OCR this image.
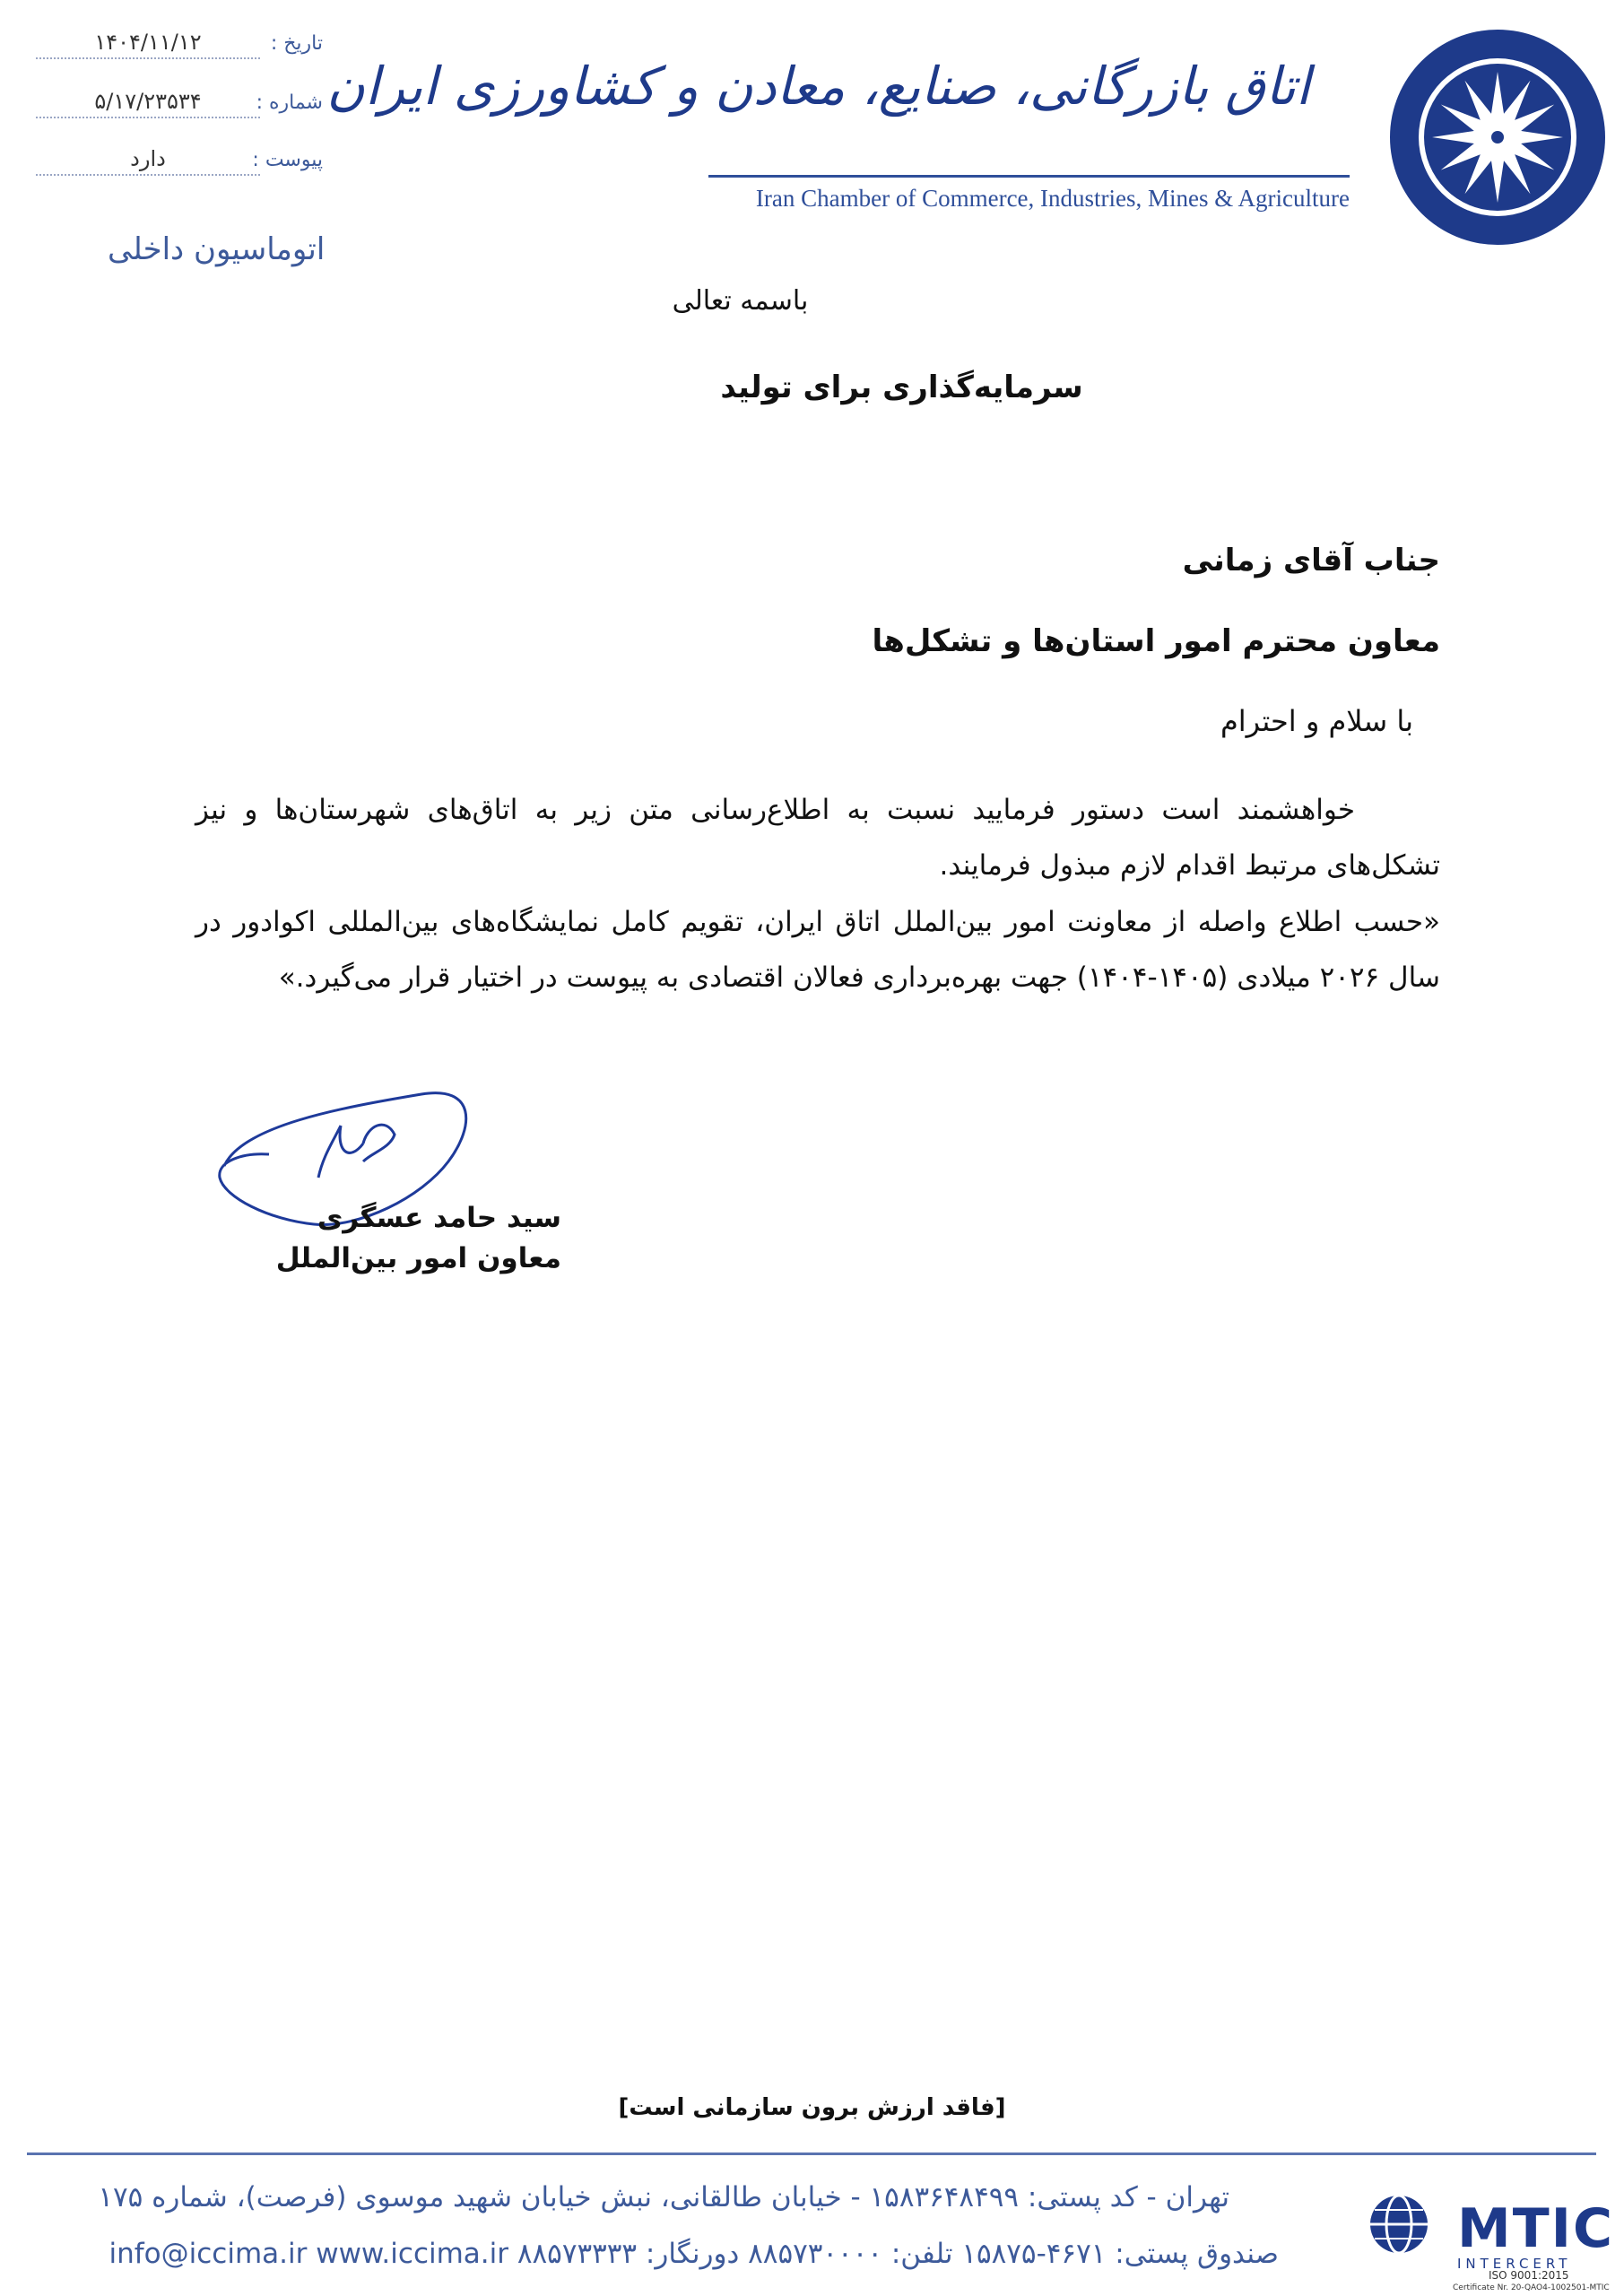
تاریخ :
۱۴۰۴/۱۱/۱۲
شماره :
۵/۱۷/۲۳۵۳۴
پیوست :
دارد
اتوماسیون داخلی
اتاق بازرگانی، صنایع، معادن و کشاورزی ایران
Iran Chamber of Commerce, Industries, Mines & Agriculture
باسمه تعالی
سرمایه‌گذاری برای تولید
جناب آقای زمانی
معاون محترم امور استان‌ها و تشکل‌ها
با سلام و احترام
خواهشمند است دستور فرمایید نسبت به اطلاع‌رسانی متن زیر به اتاق‌های شهرستان‌ها و نیز تشکل‌های مرتبط اقدام لازم مبذول فرمایند.
«حسب اطلاع واصله از معاونت امور بین‌الملل اتاق ایران، تقویم کامل نمایشگاه‌های بین‌المللی اکوادور در سال ۲۰۲۶ میلادی (۱۴۰۵-۱۴۰۴) جهت بهره‌برداری فعالان اقتصادی به پیوست در اختیار قرار می‌گیرد.»
سید حامد عسگری
معاون امور بین‌الملل
[فاقد ارزش برون سازمانی است]
تهران - کد پستی: ۱۵۸۳۶۴۸۴۹۹ - خیابان طالقانی، نبش خیابان شهید موسوی (فرصت)، شماره ۱۷۵
صندوق پستی: ۴۶۷۱-۱۵۸۷۵ تلفن: ۸۸۵۷۳۰۰۰۰ دورنگار: ۸۸۵۷۳۳۳۳ info@iccima.ir www.iccima.ir	MTIC
INTERCERT
ISO 9001:2015
Certificate Nr. 20-QAO4-1002501-MTIC
